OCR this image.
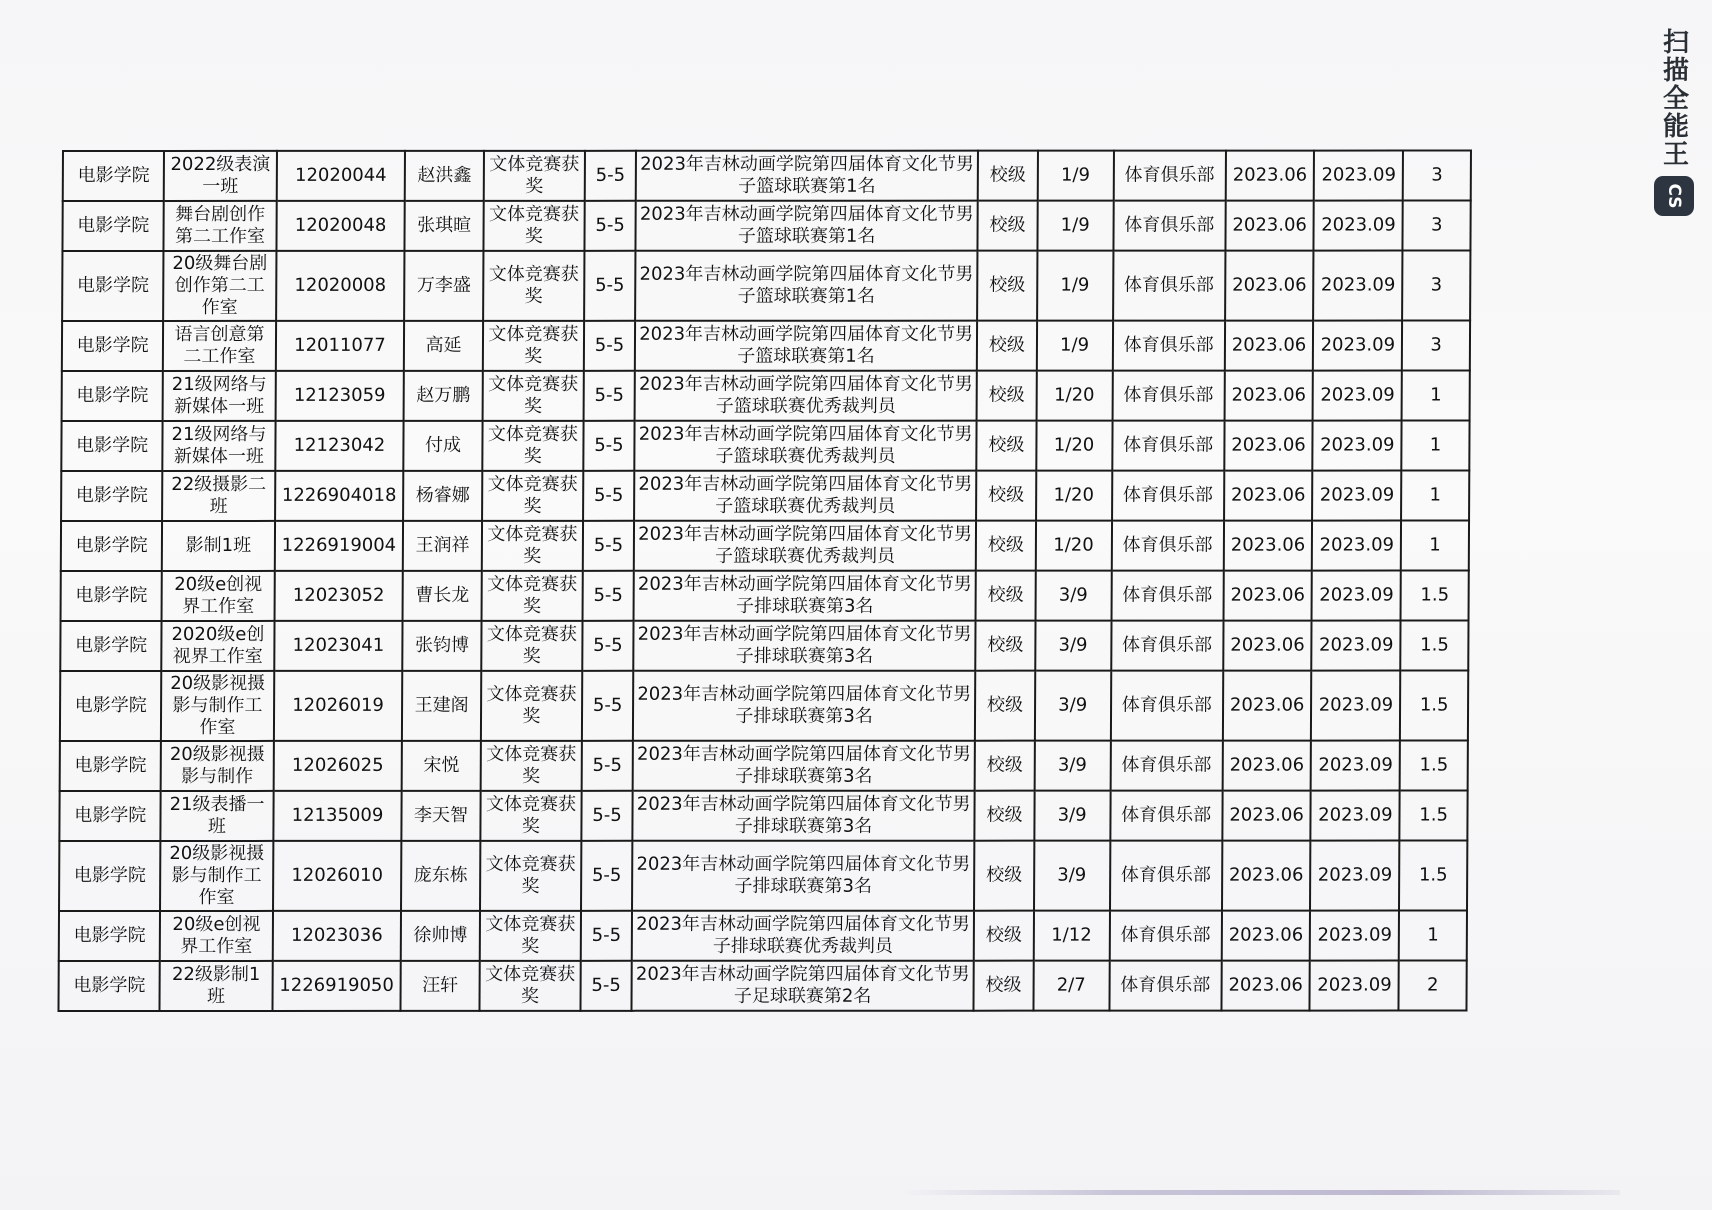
扫描全能王
CS
电影学院	2022级表演一班	12020044	赵洪鑫	文体竞赛获奖	5-5	2023年吉林动画学院第四届体育文化节男子篮球联赛第1名	校级	1/9	体育俱乐部	2023.06	2023.09	3
电影学院	舞台剧创作第二工作室	12020048	张琪暄	文体竞赛获奖	5-5	2023年吉林动画学院第四届体育文化节男子篮球联赛第1名	校级	1/9	体育俱乐部	2023.06	2023.09	3
电影学院	20级舞台剧创作第二工作室	12020008	万李盛	文体竞赛获奖	5-5	2023年吉林动画学院第四届体育文化节男子篮球联赛第1名	校级	1/9	体育俱乐部	2023.06	2023.09	3
电影学院	语言创意第二工作室	12011077	高延	文体竞赛获奖	5-5	2023年吉林动画学院第四届体育文化节男子篮球联赛第1名	校级	1/9	体育俱乐部	2023.06	2023.09	3
电影学院	21级网络与新媒体一班	12123059	赵万鹏	文体竞赛获奖	5-5	2023年吉林动画学院第四届体育文化节男子篮球联赛优秀裁判员	校级	1/20	体育俱乐部	2023.06	2023.09	1
电影学院	21级网络与新媒体一班	12123042	付成	文体竞赛获奖	5-5	2023年吉林动画学院第四届体育文化节男子篮球联赛优秀裁判员	校级	1/20	体育俱乐部	2023.06	2023.09	1
电影学院	22级摄影二班	1226904018	杨睿娜	文体竞赛获奖	5-5	2023年吉林动画学院第四届体育文化节男子篮球联赛优秀裁判员	校级	1/20	体育俱乐部	2023.06	2023.09	1
电影学院	影制1班	1226919004	王润祥	文体竞赛获奖	5-5	2023年吉林动画学院第四届体育文化节男子篮球联赛优秀裁判员	校级	1/20	体育俱乐部	2023.06	2023.09	1
电影学院	20级e创视界工作室	12023052	曹长龙	文体竞赛获奖	5-5	2023年吉林动画学院第四届体育文化节男子排球联赛第3名	校级	3/9	体育俱乐部	2023.06	2023.09	1.5
电影学院	2020级e创视界工作室	12023041	张钧博	文体竞赛获奖	5-5	2023年吉林动画学院第四届体育文化节男子排球联赛第3名	校级	3/9	体育俱乐部	2023.06	2023.09	1.5
电影学院	20级影视摄影与制作工作室	12026019	王建阁	文体竞赛获奖	5-5	2023年吉林动画学院第四届体育文化节男子排球联赛第3名	校级	3/9	体育俱乐部	2023.06	2023.09	1.5
电影学院	20级影视摄影与制作	12026025	宋悦	文体竞赛获奖	5-5	2023年吉林动画学院第四届体育文化节男子排球联赛第3名	校级	3/9	体育俱乐部	2023.06	2023.09	1.5
电影学院	21级表播一班	12135009	李天智	文体竞赛获奖	5-5	2023年吉林动画学院第四届体育文化节男子排球联赛第3名	校级	3/9	体育俱乐部	2023.06	2023.09	1.5
电影学院	20级影视摄影与制作工作室	12026010	庞东栋	文体竞赛获奖	5-5	2023年吉林动画学院第四届体育文化节男子排球联赛第3名	校级	3/9	体育俱乐部	2023.06	2023.09	1.5
电影学院	20级e创视界工作室	12023036	徐帅博	文体竞赛获奖	5-5	2023年吉林动画学院第四届体育文化节男子排球联赛优秀裁判员	校级	1/12	体育俱乐部	2023.06	2023.09	1
电影学院	22级影制1班	1226919050	汪轩	文体竞赛获奖	5-5	2023年吉林动画学院第四届体育文化节男子足球联赛第2名	校级	2/7	体育俱乐部	2023.06	2023.09	2
